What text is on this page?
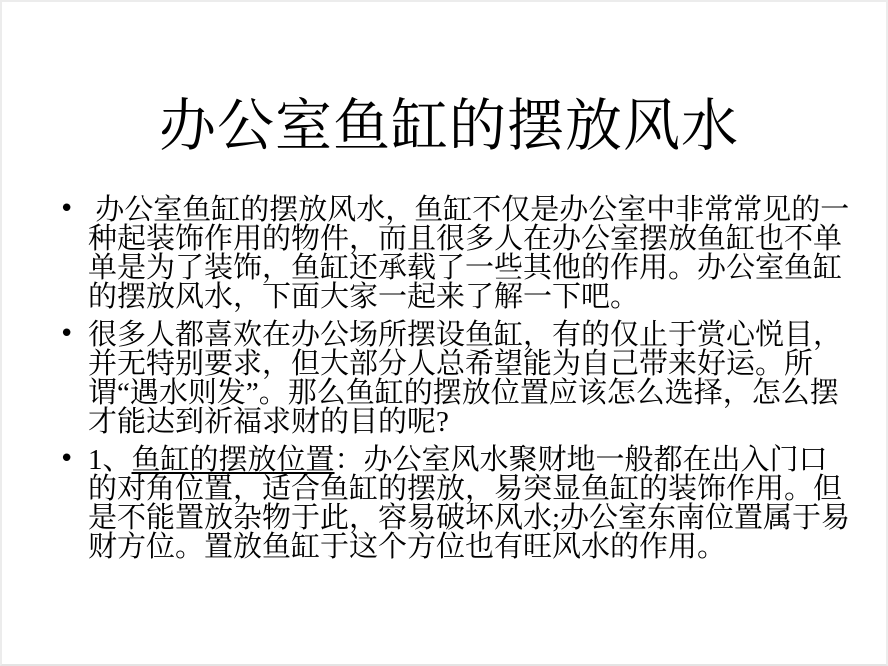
办公室鱼缸的摆放风水
• 办公室鱼缸的摆放风水，鱼缸不仅是办公室中非常常见的一种起装饰作用的物件，而且很多人在办公室摆放鱼缸也不单单是为了装饰，鱼缸还承载了一些其他的作用。办公室鱼缸的摆放风水，下面大家一起来了解一下吧。
• 很多人都喜欢在办公场所摆设鱼缸，有的仅止于赏心悦目，并无特别要求，但大部分人总希望能为自己带来好运。所谓“遇水则发”。那么鱼缸的摆放位置应该怎么选择，怎么摆才能达到祈福求财的目的呢?
• 1、鱼缸的摆放位置：办公室风水聚财地一般都在出入门口的对角位置，适合鱼缸的摆放，易突显鱼缸的装饰作用。但是不能置放杂物于此，容易破坏风水;办公室东南位置属于易财方位。置放鱼缸于这个方位也有旺风水的作用。
